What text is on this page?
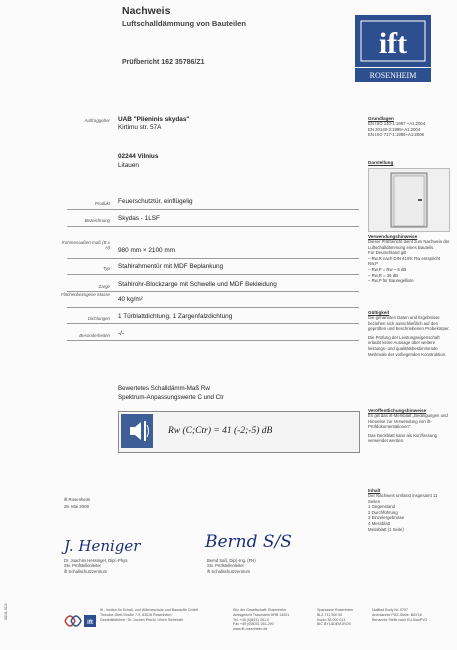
Nachweis
Luftschalldämmung von Bauteilen
Prüfbericht 162 35786/Z1
ift
ROSENHEIM
Auftraggeber UAB "Plieninis skydas"
Kirtimu str. 57A
02244 Vilnius
Litauen
Produkt Feuerschutztür, einflügelig
Bezeichnung Skydas - 1LSF
Rahmenaußen-maß (B x H) 980 mm × 2100 mm
Typ Stahlrahmentür mit MDF Beplankung
Zarge Stahlrohr-Blockzarge mit Schwelle und MDF Bekleidung
Flächenbezogene Masse
40 kg/m²
Dichtungen 1 Türblattdichtung, 1 Zargenfalzdichtung
Besonderheiten -/-
Bewertetes Schalldämm-Maß Rw
Spektrum-Anpassungswerte C und Ctr
Rw (C;Ctr) = 41 (-2;-5) dB
ift Rosenheim
28. Mai 2008
J. Heniger
Dr. Joachim Hessinger, Dipl.-Phys.
Stv. Prüfstellenleiter
ift Schallschutzzentrum
Bernd S/S
Bernd Saß, Dipl.-Ing. (FH)
Stv. Prüfstellenleiter
ift Schallschutzzentrum
Grundlagen
EN ISO 140-1:1997 +A1:2004
EN 20140-3:1995+A1:2004
EN ISO 717-1:1996+A1:2006
Darstellung
Verwendungshinweise
Dieser Prüfbericht dient zum Nachweis der Luftschalldämmung eines Bauteils.
Für Deutschland gilt
– Rw,R nach DIN 4109: Rw entspricht Rw,P
– Rw,P = Rw – 5 dB
– Rw,R = 36 dB
– Rw,P für Bauregelliste
Gültigkeit
Die genannten Daten und Ergebnisse beziehen sich ausschließlich auf den geprüften und beschriebenen Probekörper.
Die Prüfung der Leistungseigenschaft erlaubt keine Aussage über weitere leistungs- und qualitätsbestimmende Merkmale der vorliegenden Konstruktion.
Veröffentlichungshinweise
Es gilt das ift-Merkblatt „Bedingungen und Hinweise zur Verwendung von ift-Prüfdokumentationen".
Das Deckblatt kann als Kurzfassung verwendet werden.
Inhalt
Der Nachweis umfasst insgesamt 11 Seiten
1 Gegenstand
2 Durchführung
3 Einzelergebnisse
4 Messblatt
Messblatt (1 Seite)
08/11-01/1
ift
ift - Institut für Schall- und Wärmeschutz und Baustoffe GmbH
Theodor-Gietl-Straße 7-9, 83026 Rosenheim
Geschäftsführer: Dr. Jochen Peichl, Ulrich Sieberath
Sitz der Gesellschaft: Rosenheim
Amtsgericht Traunstein HRB 14521
Tel. +49 (0)8031 261-0
Fax +49 (0)8031 261-290
www.ift-rosenheim.de
Sparkasse Rosenheim
BLZ 711 500 00
Konto 38 000 013
BIC BYLADEM1ROS
Notified Body Nr. 0757
Anerkannte PÜZ-Stelle: BAY18
Benannte Stelle nach EU-BauPVO
